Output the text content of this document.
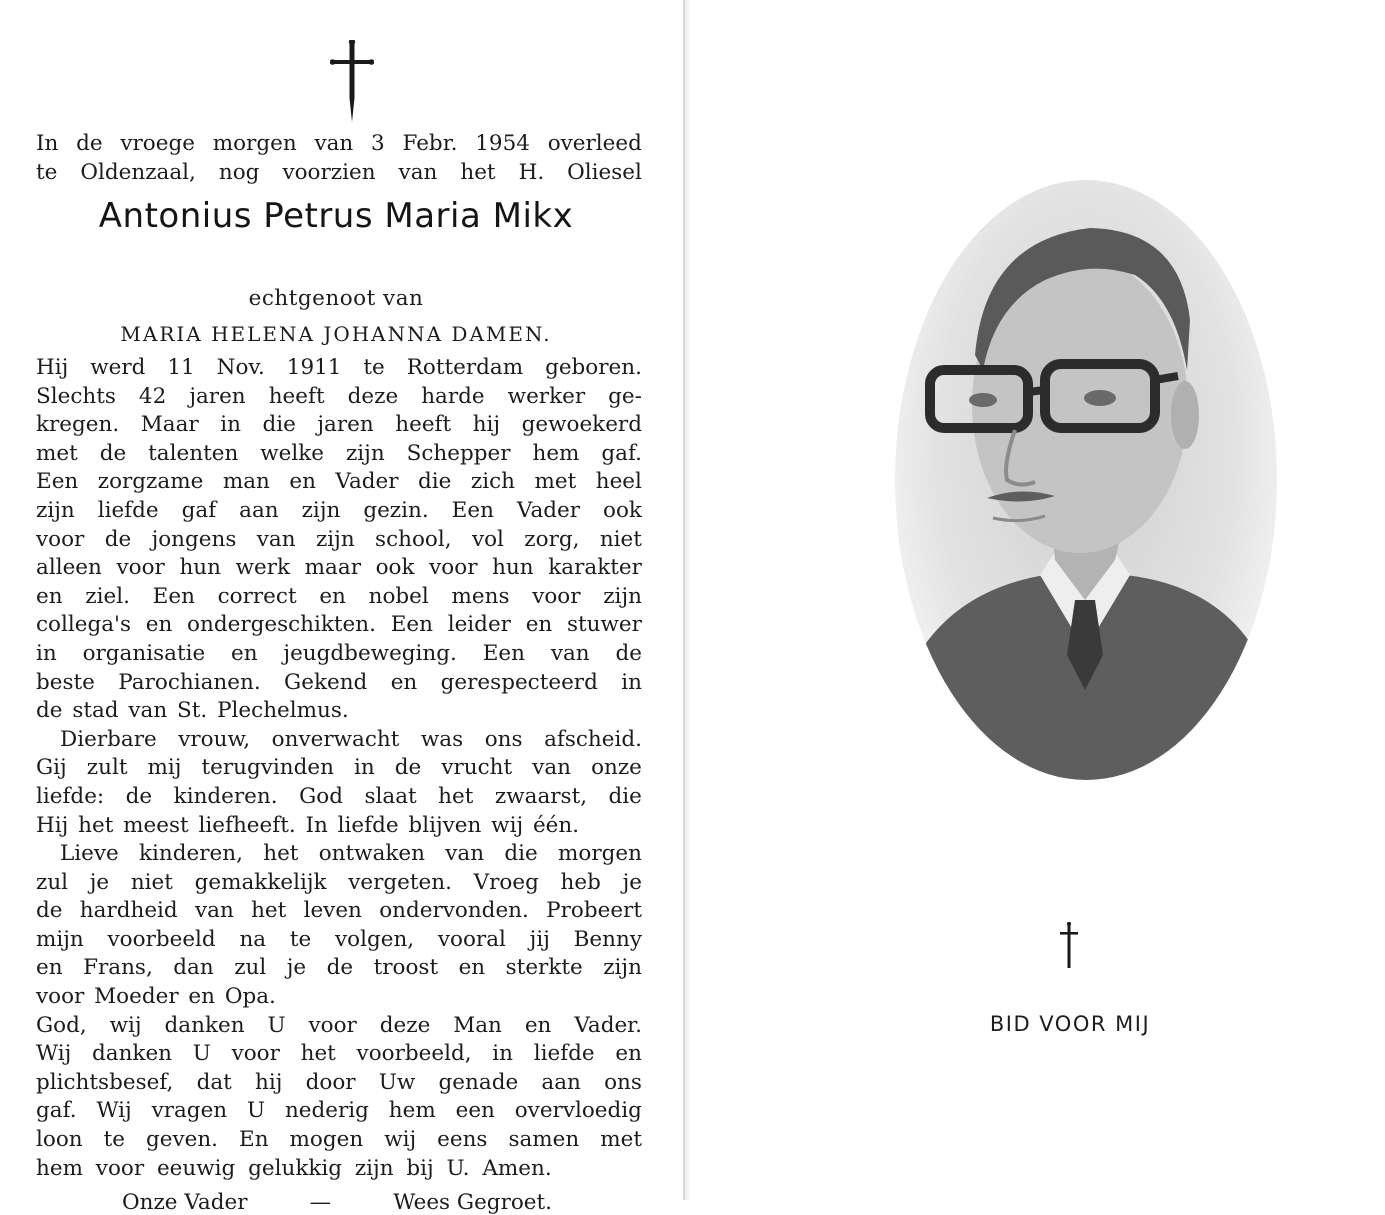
In de vroege morgen van 3 Febr. 1954 overleed
te Oldenzaal, nog voorzien van het H. Oliesel
Antonius Petrus Maria Mikx
echtgenoot van
MARIA HELENA JOHANNA DAMEN.
Hij werd 11 Nov. 1911 te Rotterdam geboren.
Slechts 42 jaren heeft deze harde werker ge-
kregen. Maar in die jaren heeft hij gewoekerd
met de talenten welke zijn Schepper hem gaf.
Een zorgzame man en Vader die zich met heel
zijn liefde gaf aan zijn gezin. Een Vader ook
voor de jongens van zijn school, vol zorg, niet
alleen voor hun werk maar ook voor hun karakter
en ziel. Een correct en nobel mens voor zijn
collega's en ondergeschikten. Een leider en stuwer
in organisatie en jeugdbeweging. Een van de
beste Parochianen. Gekend en gerespecteerd in
de stad van St. Plechelmus.
Dierbare vrouw, onverwacht was ons afscheid.
Gij zult mij terugvinden in de vrucht van onze
liefde: de kinderen. God slaat het zwaarst, die
Hij het meest liefheeft. In liefde blijven wij één.
Lieve kinderen, het ontwaken van die morgen
zul je niet gemakkelijk vergeten. Vroeg heb je
de hardheid van het leven ondervonden. Probeert
mijn voorbeeld na te volgen, vooral jij Benny
en Frans, dan zul je de troost en sterkte zijn
voor Moeder en Opa.
God, wij danken U voor deze Man en Vader.
Wij danken U voor het voorbeeld, in liefde en
plichtsbesef, dat hij door Uw genade aan ons
gaf. Wij vragen U nederig hem een overvloedig
loon te geven. En mogen wij eens samen met
hem voor eeuwig gelukkig zijn bij U. Amen.
Onze Vader	—	Wees Gegroet.
BID VOOR MIJ
